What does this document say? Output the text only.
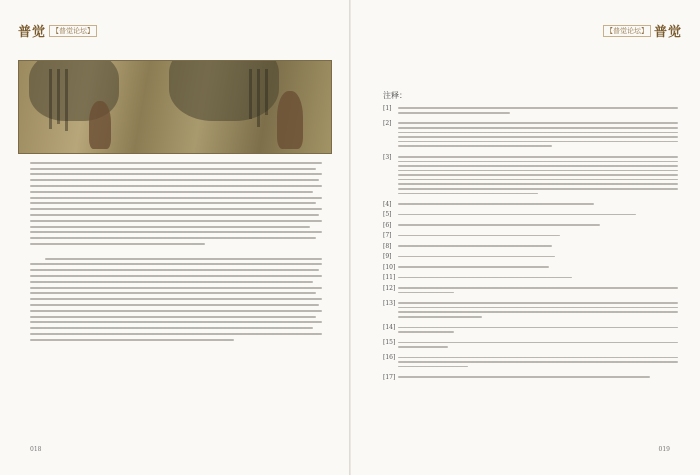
普觉 【普觉论坛】
018
【普觉论坛】 普觉
注释：
[1]
[2]
[3]
[4]
[5]
[6]
[7]
[8]
[9]
[10]
[11]
[12]
[13]
[14]
[15]
[16]
[17]
019
